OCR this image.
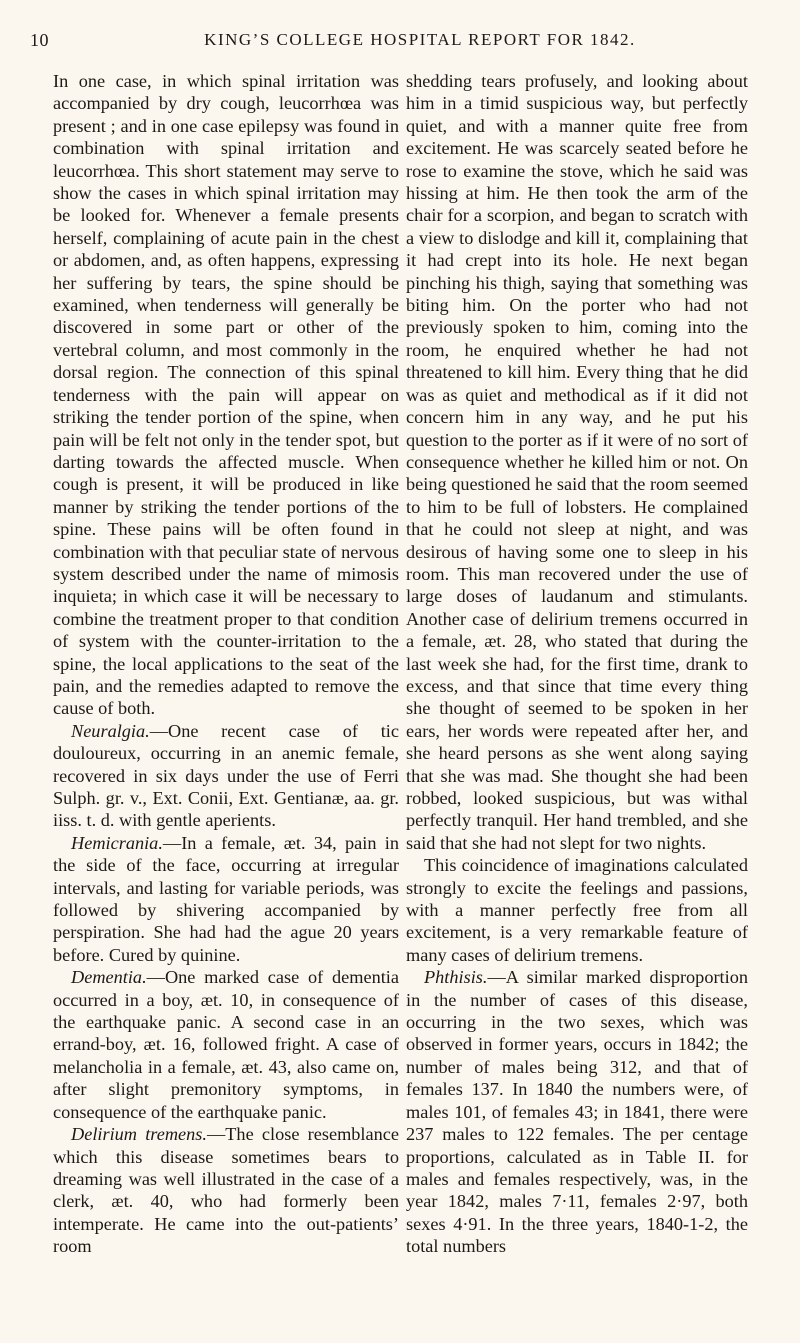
10	KING’S COLLEGE HOSPITAL REPORT FOR 1842.

In one case, in which spinal irritation was accompanied by dry cough, leucorrhœa was present ; and in one case epilepsy was found in combination with spinal irritation and leucorrhœa. This short statement may serve to show the cases in which spinal irritation may be looked for. Whenever a female presents herself, complaining of acute pain in the chest or abdomen, and, as often happens, expressing her suffering by tears, the spine should be examined, when tenderness will generally be discovered in some part or other of the vertebral column, and most commonly in the dorsal region. The connection of this spinal tenderness with the pain will appear on striking the tender portion of the spine, when pain will be felt not only in the tender spot, but darting towards the affected muscle. When cough is present, it will be produced in like manner by striking the tender portions of the spine. These pains will be often found in combination with that peculiar state of nervous system described under the name of mimosis inquieta; in which case it will be necessary to combine the treatment proper to that condition of system with the counter-irritation to the spine, the local applications to the seat of the pain, and the remedies adapted to remove the cause of both.

Neuralgia.—One recent case of tic douloureux, occurring in an anemic female, recovered in six days under the use of Ferri Sulph. gr. v., Ext. Conii, Ext. Gentianæ, aa. gr. iiss. t. d. with gentle aperients.

Hemicrania.—In a female, æt. 34, pain in the side of the face, occurring at irregular intervals, and lasting for variable periods, was followed by shivering accompanied by perspiration. She had had the ague 20 years before. Cured by quinine.

Dementia.—One marked case of dementia occurred in a boy, æt. 10, in consequence of the earthquake panic. A second case in an errand-boy, æt. 16, followed fright. A case of melancholia in a female, æt. 43, also came on, after slight premonitory symptoms, in consequence of the earthquake panic.

Delirium tremens.—The close resemblance which this disease sometimes bears to dreaming was well illustrated in the case of a clerk, æt. 40, who had formerly been intemperate. He came into the out-patients’ room

shedding tears profusely, and looking about him in a timid suspicious way, but perfectly quiet, and with a manner quite free from excitement. He was scarcely seated before he rose to examine the stove, which he said was hissing at him. He then took the arm of the chair for a scorpion, and began to scratch with a view to dislodge and kill it, complaining that it had crept into its hole. He next began pinching his thigh, saying that something was biting him. On the porter who had not previously spoken to him, coming into the room, he enquired whether he had not threatened to kill him. Every thing that he did was as quiet and methodical as if it did not concern him in any way, and he put his question to the porter as if it were of no sort of consequence whether he killed him or not. On being questioned he said that the room seemed to him to be full of lobsters. He complained that he could not sleep at night, and was desirous of having some one to sleep in his room. This man recovered under the use of large doses of laudanum and stimulants. Another case of delirium tremens occurred in a female, æt. 28, who stated that during the last week she had, for the first time, drank to excess, and that since that time every thing she thought of seemed to be spoken in her ears, her words were repeated after her, and she heard persons as she went along saying that she was mad. She thought she had been robbed, looked suspicious, but was withal perfectly tranquil. Her hand trembled, and she said that she had not slept for two nights.

This coincidence of imaginations calculated strongly to excite the feelings and passions, with a manner perfectly free from all excitement, is a very remarkable feature of many cases of delirium tremens.

Phthisis.—A similar marked disproportion in the number of cases of this disease, occurring in the two sexes, which was observed in former years, occurs in 1842; the number of males being 312, and that of females 137. In 1840 the numbers were, of males 101, of females 43; in 1841, there were 237 males to 122 females. The per centage proportions, calculated as in Table II. for males and females respectively, was, in the year 1842, males 7·11, females 2·97, both sexes 4·91. In the three years, 1840-1-2, the total numbers
